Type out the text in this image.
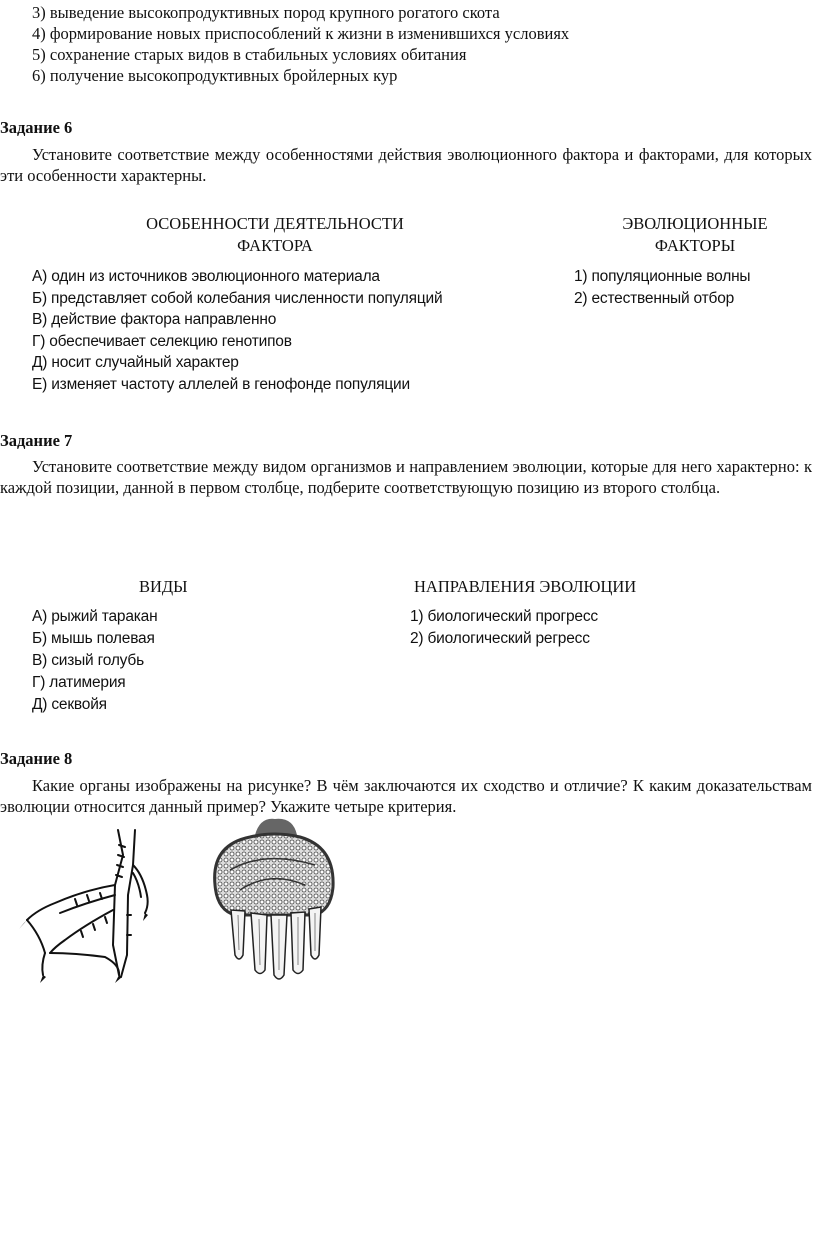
3) выведение высокопродуктивных пород крупного рогатого скота
4) формирование новых приспособлений к жизни в изменившихся условиях
5) сохранение старых видов в стабильных условиях обитания
6) получение высокопродуктивных бройлерных кур
Задание 6
Установите соответствие между особенностями действия эволюционного фактора и факторами, для которых эти особенности характерны.
ОСОБЕННОСТИ ДЕЯТЕЛЬНОСТИ
ФАКТОРА
ЭВОЛЮЦИОННЫЕ
ФАКТОРЫ
А) один из источников эволюционного материала
Б) представляет собой колебания численности популяций
В) действие фактора направленно
Г) обеспечивает селекцию генотипов
Д) носит случайный характер
Е) изменяет частоту аллелей в генофонде популяции
1) популяционные волны
2) естественный отбор
Задание 7
Установите соответствие между видом организмов и направлением эволюции, которые для него характерно: к каждой позиции, данной в первом столбце, подберите соответствующую позицию из второго столбца.
ВИДЫ	НАПРАВЛЕНИЯ ЭВОЛЮЦИИ
А) рыжий таракан
Б) мышь полевая
В) сизый голубь
Г) латимерия
Д) секвойя
1) биологический прогресс
2) биологический регресс
Задание 8
Какие органы изображены на рисунке? В чём заключаются их сходство и отличие? К каким доказательствам эволюции относится данный пример? Укажите четыре критерия.
